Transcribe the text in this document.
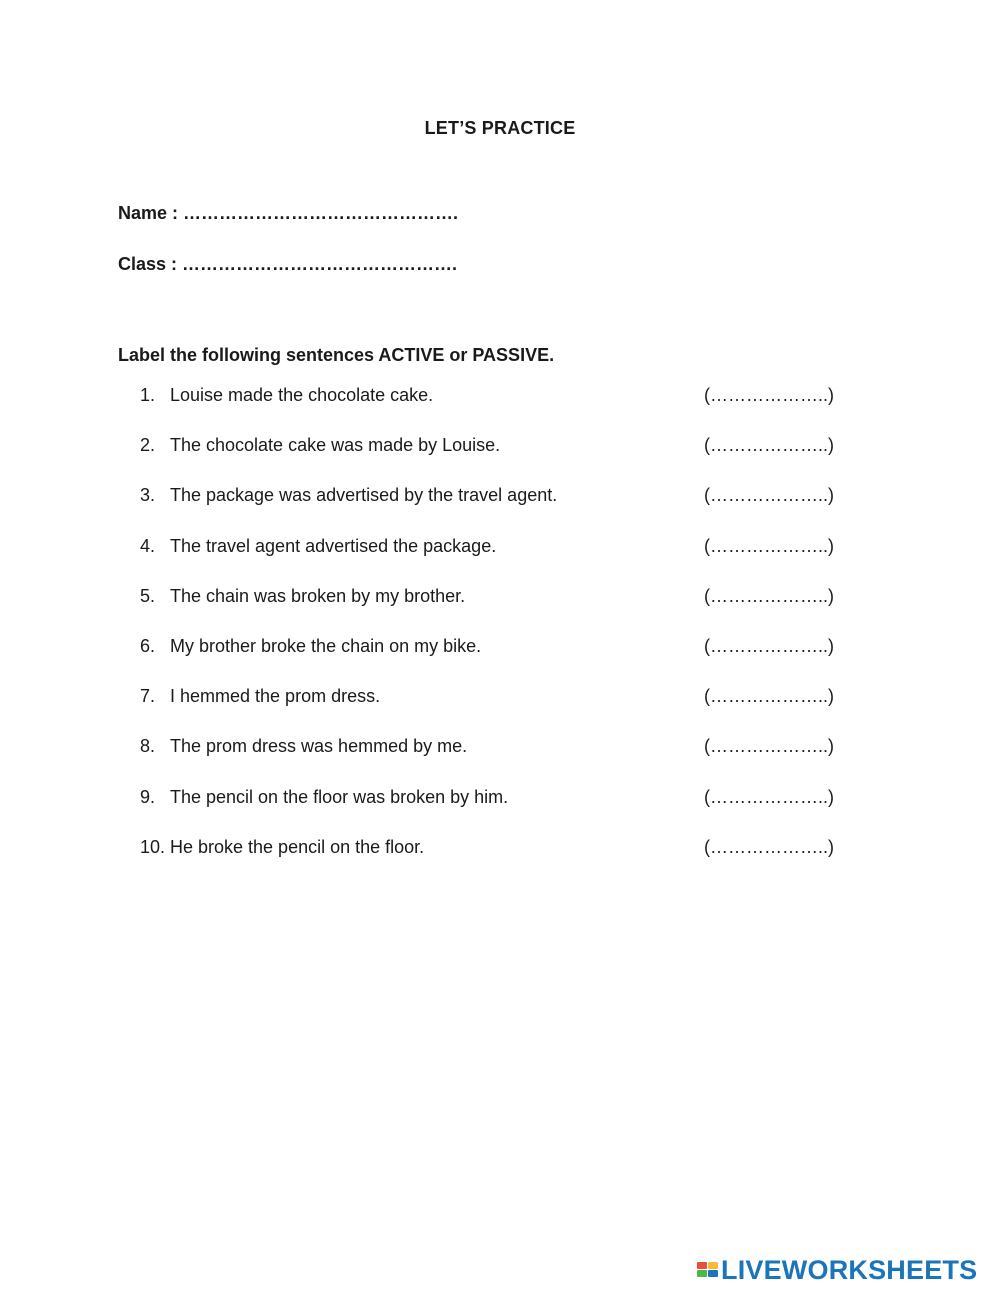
LET’S PRACTICE
Name : ……………………………………….
Class : ……………………………………….
Label the following sentences ACTIVE or PASSIVE.
1. Louise made the chocolate cake.	(………………..)
2. The chocolate cake was made by Louise.	(………………..)
3. The package was advertised by the travel agent.	(………………..)
4. The travel agent advertised the package.	(………………..)
5. The chain was broken by my brother.	(………………..)
6. My brother broke the chain on my bike.	(………………..)
7. I hemmed the prom dress.	(………………..)
8. The prom dress was hemmed by me.	(………………..)
9. The pencil on the floor was broken by him.	(………………..)
10. He broke the pencil on the floor.	(………………..)
LIVEWORKSHEETS
